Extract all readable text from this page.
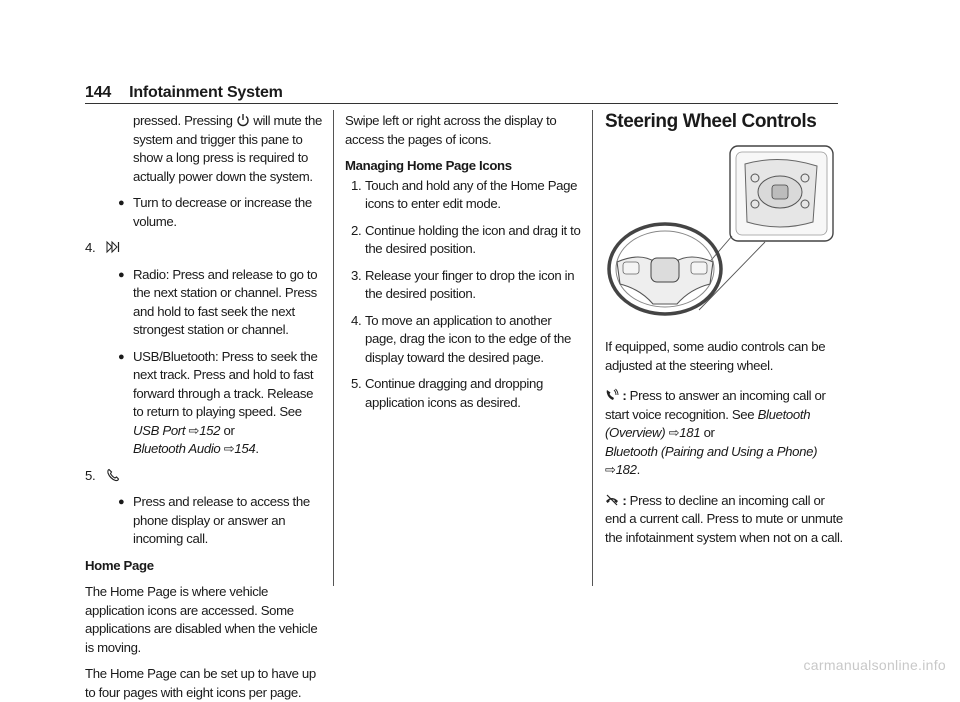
144 Infotainment System

pressed. Pressing will mute the system and trigger this pane to show a long press is required to actually power down the system.

● Turn to decrease or increase the volume.

4.

● Radio: Press and release to go to the next station or channel. Press and hold to fast seek the next strongest station or channel.

● USB/Bluetooth: Press to seek the next track. Press and hold to fast forward through a track. Release to return to playing speed. See USB Port ⇨152 or
Bluetooth Audio ⇨154.

5.

● Press and release to access the phone display or answer an incoming call.

Home Page

The Home Page is where vehicle application icons are accessed. Some applications are disabled when the vehicle is moving.

The Home Page can be set up to have up to four pages with eight icons per page.

Swipe left or right across the display to access the pages of icons.

Managing Home Page Icons

1. Touch and hold any of the Home Page icons to enter edit mode.

2. Continue holding the icon and drag it to the desired position.

3. Release your finger to drop the icon in the desired position.

4. To move an application to another page, drag the icon to the edge of the display toward the desired page.

5. Continue dragging and dropping application icons as desired.

Steering Wheel Controls

If equipped, some audio controls can be adjusted at the steering wheel.

: Press to answer an incoming call or start voice recognition. See Bluetooth (Overview) ⇨181 or
Bluetooth (Pairing and Using a Phone) ⇨182.

: Press to decline an incoming call or end a current call. Press to mute or unmute the infotainment system when not on a call.

carmanualsonline.info
